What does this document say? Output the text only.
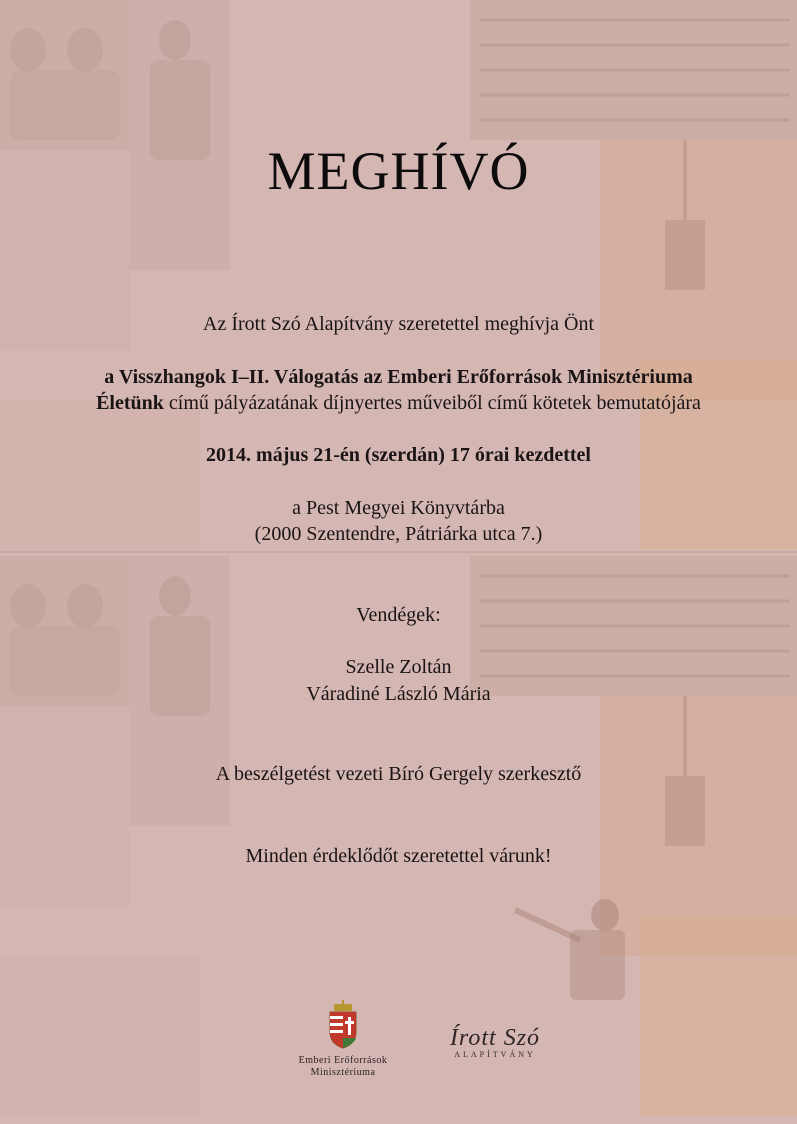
MEGHÍVÓ
Az Írott Szó Alapítvány szeretettel meghívja Önt
a Visszhangok I–II. Válogatás az Emberi Erőforrások Minisztériuma
Életünk című pályázatának díjnyertes műveiből című kötetek bemutatójára
2014. május 21-én (szerdán) 17 órai kezdettel
a Pest Megyei Könyvtárba
(2000 Szentendre, Pátriárka utca 7.)
Vendégek:
Szelle Zoltán
Váradiné László Mária
A beszélgetést vezeti Bíró Gergely szerkesztő
Minden érdeklődőt szeretettel várunk!
Emberi Erőforrások
Minisztériuma
Írott Szó
ALAPÍTVÁNY
